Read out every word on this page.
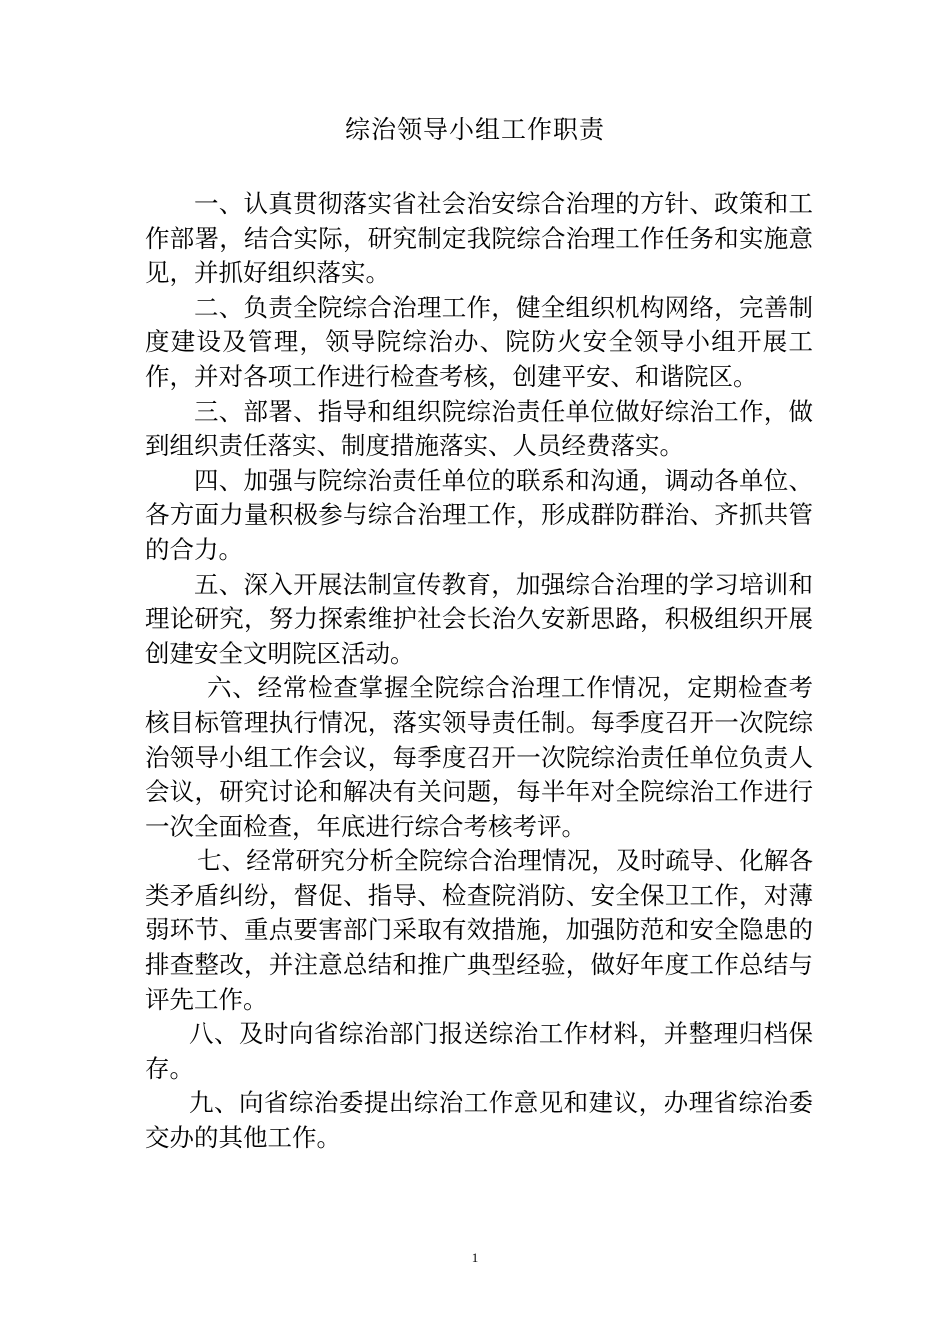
综治领导小组工作职责

一、认真贯彻落实省社会治安综合治理的方针、政策和工作部署，结合实际，研究制定我院综合治理工作任务和实施意见，并抓好组织落实。

二、负责全院综合治理工作，健全组织机构网络，完善制度建设及管理，领导院综治办、院防火安全领导小组开展工作，并对各项工作进行检查考核，创建平安、和谐院区。

三、部署、指导和组织院综治责任单位做好综治工作，做到组织责任落实、制度措施落实、人员经费落实。

四、加强与院综治责任单位的联系和沟通，调动各单位、各方面力量积极参与综合治理工作，形成群防群治、齐抓共管的合力。

五、深入开展法制宣传教育，加强综合治理的学习培训和理论研究，努力探索维护社会长治久安新思路，积极组织开展创建安全文明院区活动。

六、经常检查掌握全院综合治理工作情况，定期检查考核目标管理执行情况，落实领导责任制。每季度召开一次院综治领导小组工作会议，每季度召开一次院综治责任单位负责人会议，研究讨论和解决有关问题，每半年对全院综治工作进行一次全面检查，年底进行综合考核考评。

七、经常研究分析全院综合治理情况，及时疏导、化解各类矛盾纠纷，督促、指导、检查院消防、安全保卫工作，对薄弱环节、重点要害部门采取有效措施，加强防范和安全隐患的排查整改，并注意总结和推广典型经验，做好年度工作总结与评先工作。

八、及时向省综治部门报送综治工作材料，并整理归档保存。

九、向省综治委提出综治工作意见和建议，办理省综治委交办的其他工作。

1
